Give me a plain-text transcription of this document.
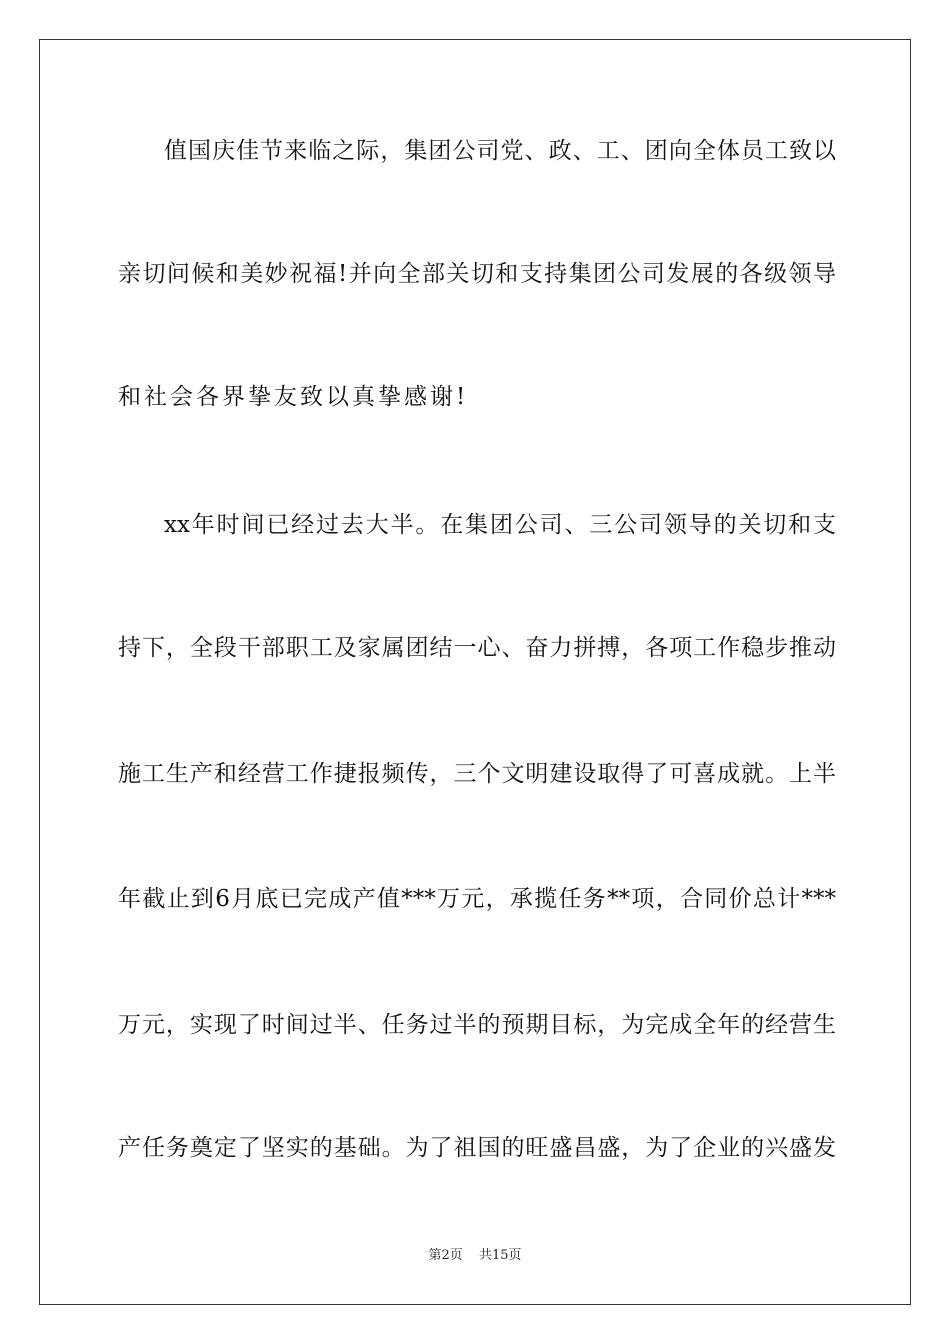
值国庆佳节来临之际，集团公司党、政、工、团向全体员工致以
亲切问候和美妙祝福!并向全部关切和支持集团公司发展的各级领导
和社会各界挚友致以真挚感谢!
xx年时间已经过去大半。在集团公司、三公司领导的关切和支
持下，全段干部职工及家属团结一心、奋力拼搏，各项工作稳步推动
施工生产和经营工作捷报频传，三个文明建设取得了可喜成就。上半
年截止到6月底已完成产值***万元，承揽任务**项，合同价总计***
万元，实现了时间过半、任务过半的预期目标，为完成全年的经营生
产任务奠定了坚实的基础。为了祖国的旺盛昌盛，为了企业的兴盛发
第2页 共15页
